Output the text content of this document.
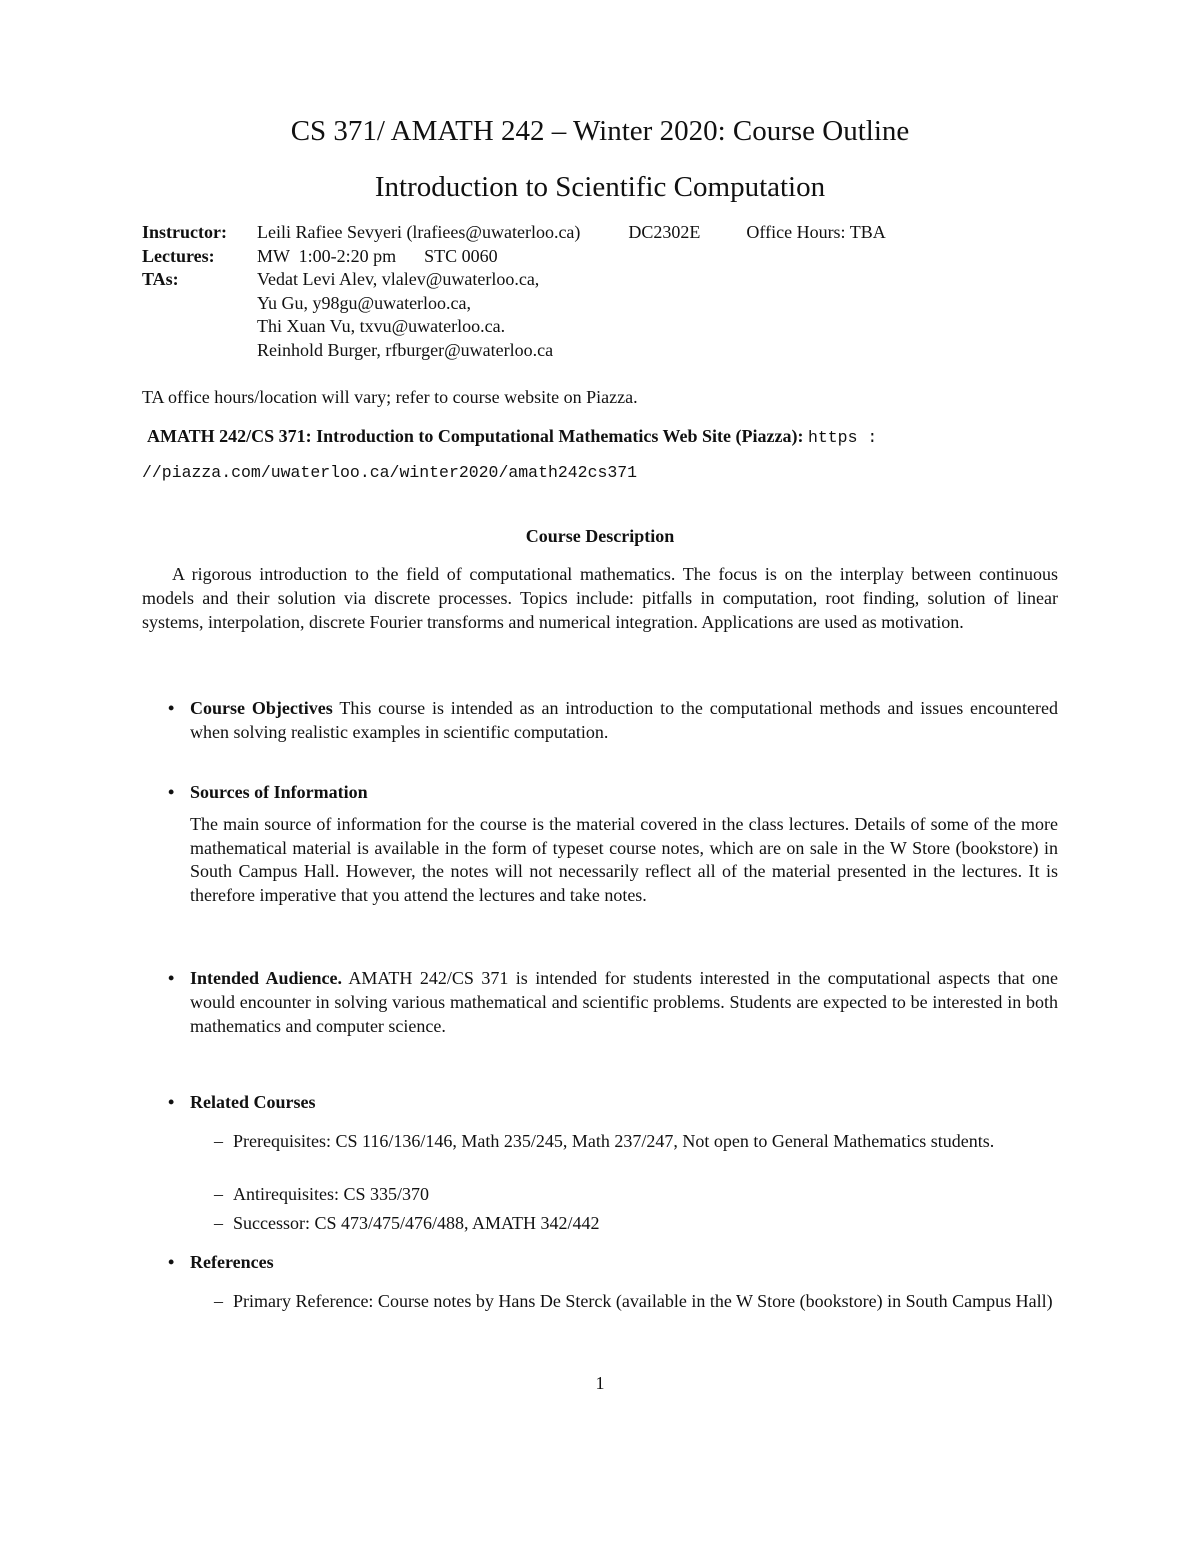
CS 371/ AMATH 242 – Winter 2020: Course Outline
Introduction to Scientific Computation
Instructor: Leili Rafiee Sevyeri (lrafiees@uwaterloo.ca)	DC2302E	Office Hours: TBA
Lectures: MW  1:00-2:20 pm STC 0060
TAs:	Vedat Levi Alev, vlalev@uwaterloo.ca,
Yu Gu, y98gu@uwaterloo.ca,
Thi Xuan Vu, txvu@uwaterloo.ca.
Reinhold Burger, rfburger@uwaterloo.ca
TA office hours/location will vary; refer to course website on Piazza.
AMATH 242/CS 371: Introduction to Computational Mathematics Web Site (Piazza): https :
//piazza.com/uwaterloo.ca/winter2020/amath242cs371
Course Description

A rigorous introduction to the field of computational mathematics. The focus is on the interplay between continuous models and their solution via discrete processes. Topics include: pitfalls in computation, root finding, solution of linear systems, interpolation, discrete Fourier transforms and numerical integration. Applications are used as motivation.

• Course Objectives This course is intended as an introduction to the computational methods and issues encountered when solving realistic examples in scientific computation.
• Sources of Information
The main source of information for the course is the material covered in the class lectures. Details of some of the more mathematical material is available in the form of typeset course notes, which are on sale in the W Store (bookstore) in South Campus Hall. However, the notes will not necessarily reflect all of the material presented in the lectures. It is therefore imperative that you attend the lectures and take notes.
• Intended Audience. AMATH 242/CS 371 is intended for students interested in the computational aspects that one would encounter in solving various mathematical and scientific problems. Students are expected to be interested in both mathematics and computer science.
• Related Courses
– Prerequisites: CS 116/136/146, Math 235/245, Math 237/247, Not open to General Mathematics students.
– Antirequisites: CS 335/370
– Successor: CS 473/475/476/488, AMATH 342/442
• References
– Primary Reference: Course notes by Hans De Sterck (available in the W Store (bookstore) in South Campus Hall)
1
